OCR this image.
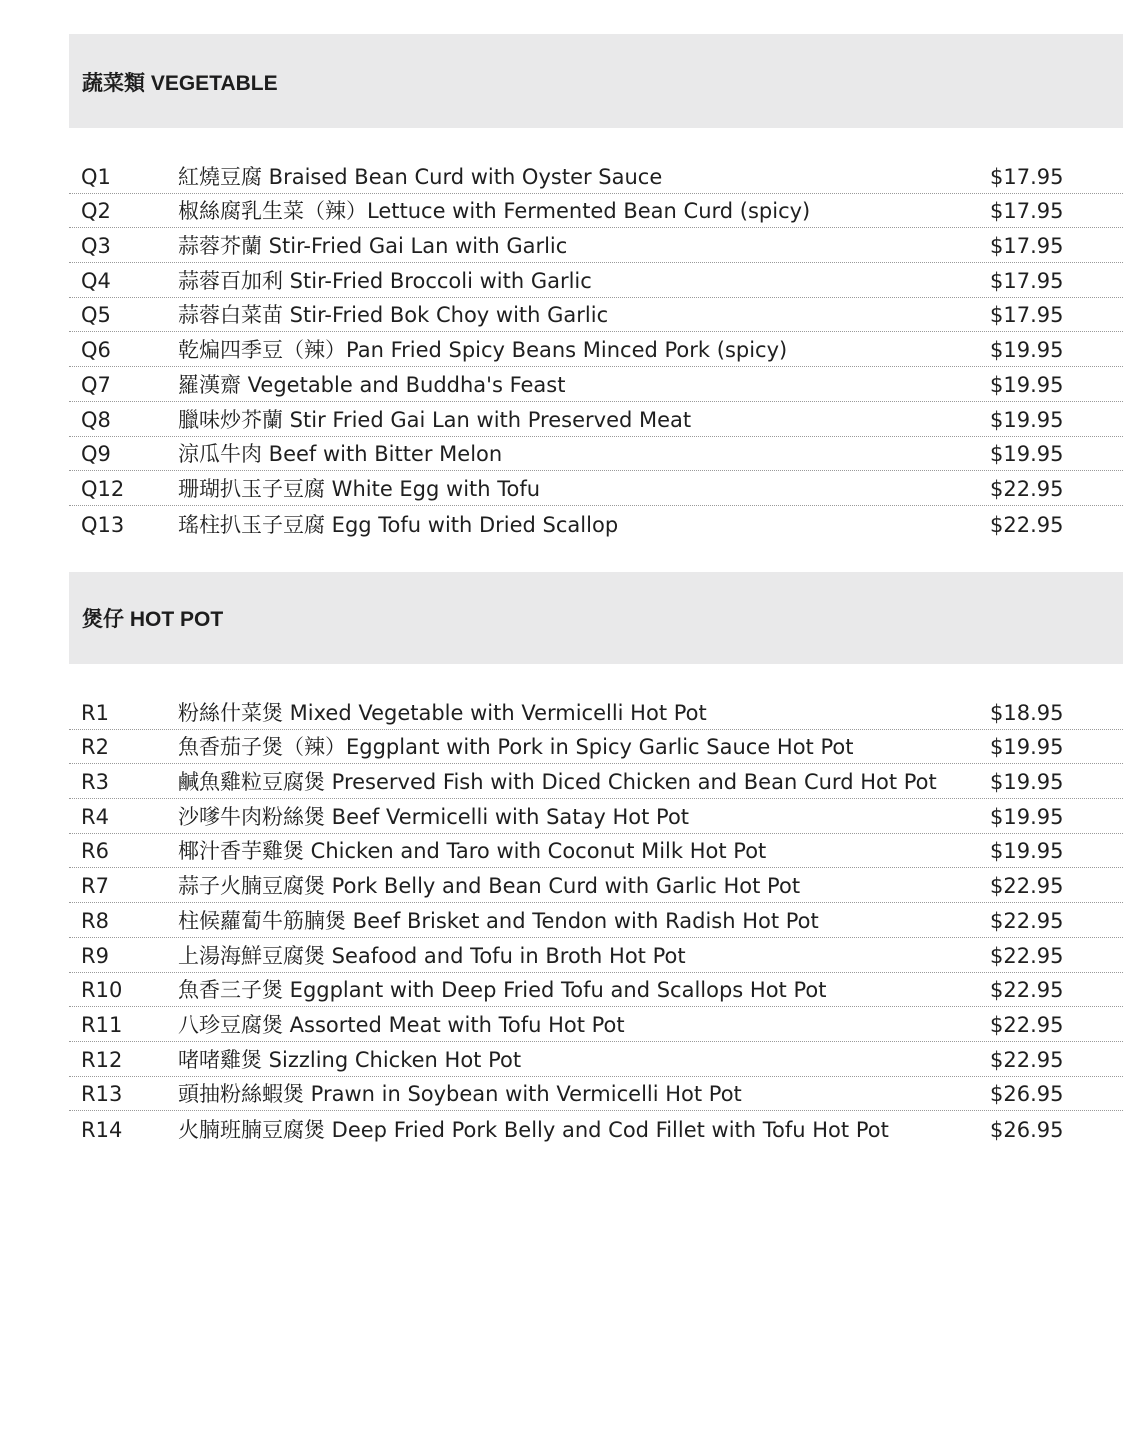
蔬菜類 VEGETABLE
Q1	紅燒豆腐 Braised Bean Curd with Oyster Sauce	$17.95
Q2	椒絲腐乳生菜（辣）Lettuce with Fermented Bean Curd (spicy)	$17.95
Q3	蒜蓉芥蘭 Stir-Fried Gai Lan with Garlic	$17.95
Q4	蒜蓉百加利 Stir-Fried Broccoli with Garlic	$17.95
Q5	蒜蓉白菜苗 Stir-Fried Bok Choy with Garlic	$17.95
Q6	乾煸四季豆（辣）Pan Fried Spicy Beans Minced Pork (spicy)	$19.95
Q7	羅漢齋 Vegetable and Buddha's Feast	$19.95
Q8	臘味炒芥蘭 Stir Fried Gai Lan with Preserved Meat	$19.95
Q9	涼瓜牛肉 Beef with Bitter Melon	$19.95
Q12	珊瑚扒玉子豆腐 White Egg with Tofu	$22.95
Q13	瑤柱扒玉子豆腐 Egg Tofu with Dried Scallop	$22.95
煲仔 HOT POT
R1	粉絲什菜煲 Mixed Vegetable with Vermicelli Hot Pot	$18.95
R2	魚香茄子煲（辣）Eggplant with Pork in Spicy Garlic Sauce Hot Pot	$19.95
R3	鹹魚雞粒豆腐煲 Preserved Fish with Diced Chicken and Bean Curd Hot Pot	$19.95
R4	沙嗲牛肉粉絲煲 Beef Vermicelli with Satay Hot Pot	$19.95
R6	椰汁香芋雞煲 Chicken and Taro with Coconut Milk Hot Pot	$19.95
R7	蒜子火腩豆腐煲 Pork Belly and Bean Curd with Garlic Hot Pot	$22.95
R8	柱候蘿蔔牛筋腩煲 Beef Brisket and Tendon with Radish Hot Pot	$22.95
R9	上湯海鮮豆腐煲 Seafood and Tofu in Broth Hot Pot	$22.95
R10	魚香三子煲 Eggplant with Deep Fried Tofu and Scallops Hot Pot	$22.95
R11	八珍豆腐煲 Assorted Meat with Tofu Hot Pot	$22.95
R12	啫啫雞煲 Sizzling Chicken Hot Pot	$22.95
R13	頭抽粉絲蝦煲 Prawn in Soybean with Vermicelli Hot Pot	$26.95
R14	火腩班腩豆腐煲 Deep Fried Pork Belly and Cod Fillet with Tofu Hot Pot	$26.95
